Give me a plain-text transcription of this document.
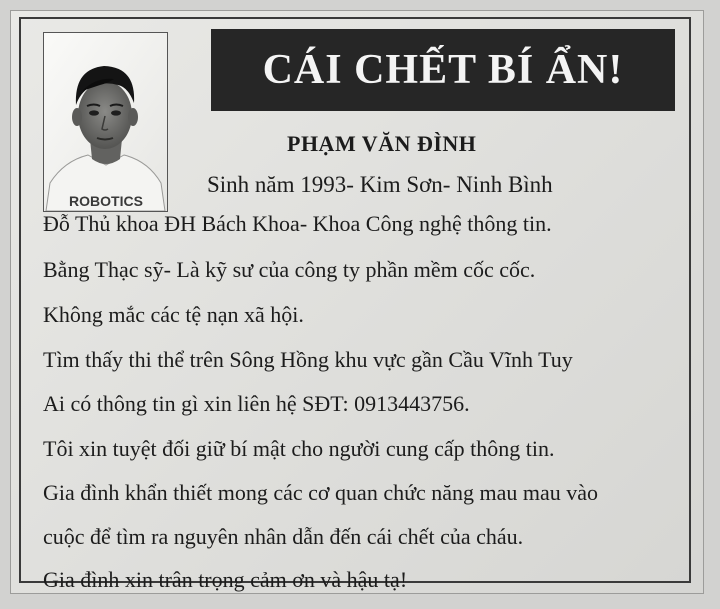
ROBOTICS
CÁI CHẾT BÍ ẨN!
PHẠM VĂN ĐÌNH
Sinh năm 1993- Kim Sơn- Ninh Bình
Đỗ Thủ khoa ĐH Bách Khoa- Khoa Công nghệ thông tin.
Bằng Thạc sỹ- Là kỹ sư của công ty phần mềm cốc cốc.
Không mắc các tệ nạn xã hội.
Tìm thấy thi thể trên Sông Hồng khu vực gần Cầu Vĩnh Tuy
Ai có thông tin gì xin liên hệ SĐT: 0913443756.
Tôi xin tuyệt đối giữ bí mật cho người cung cấp thông tin.
Gia đình khẩn thiết mong các cơ quan chức năng mau mau vào
cuộc để tìm ra nguyên nhân dẫn đến cái chết của cháu.
Gia đình xin trân trọng cảm ơn và hậu tạ!
